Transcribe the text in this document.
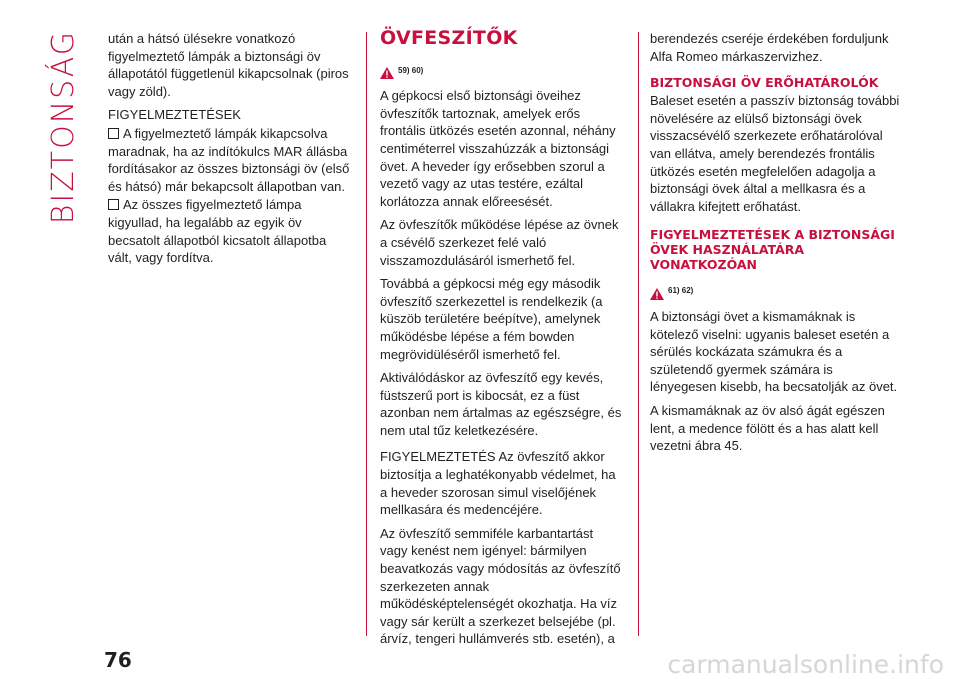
BIZTONSÁG után a hátsó ülésekre vonatkozó figyelmeztető lámpák a biztonsági öv állapotától függetlenül kikapcsolnak (piros vagy zöld).

FIGYELMEZTETÉSEK

A figyelmeztető lámpák kikapcsolva maradnak, ha az indítókulcs MAR állásba fordításakor az összes biztonsági öv (első és hátsó) már bekapcsolt állapotban van.

Az összes figyelmeztető lámpa kigyullad, ha legalább az egyik öv becsatolt állapotból kicsatolt állapotba vált, vagy fordítva.

ÖVFESZÍTŐK
59) 60)

A gépkocsi első biztonsági öveihez övfeszítők tartoznak, amelyek erős frontális ütközés esetén azonnal, néhány centiméterrel visszahúzzák a biztonsági övet. A heveder így erősebben szorul a vezető vagy az utas testére, ezáltal korlátozza annak előreesését.

Az övfeszítők működése lépése az övnek a csévélő szerkezet felé való visszamozdulásáról ismerhető fel.

Továbbá a gépkocsi még egy második övfeszítő szerkezettel is rendelkezik (a küszöb területére beépítve), amelynek működésbe lépése a fém bowden megrövidüléséről ismerhető fel.

Aktiválódáskor az övfeszítő egy kevés, füstszerű port is kibocsát, ez a füst azonban nem ártalmas az egészségre, és nem utal tűz keletkezésére.

FIGYELMEZTETÉS Az övfeszítő akkor biztosítja a leghatékonyabb védelmet, ha a heveder szorosan simul viselőjének mellkasára és medencéjére.

Az övfeszítő semmiféle karbantartást vagy kenést nem igényel: bármilyen beavatkozás vagy módosítás az övfeszítő szerkezeten annak működésképtelenségét okozhatja. Ha víz vagy sár került a szerkezet belsejébe (pl. árvíz, tengeri hullámverés stb. esetén), a

berendezés cseréje érdekében forduljunk Alfa Romeo márkaszervizhez.

BIZTONSÁGI ÖV ERŐHATÁROLÓK

Baleset esetén a passzív biztonság további növelésére az elülső biztonsági övek visszacsévélő szerkezete erőhatárolóval van ellátva, amely berendezés frontális ütközés esetén megfelelően adagolja a biztonsági övek által a mellkasra és a vállakra kifejtett erőhatást.

FIGYELMEZTETÉSEK A BIZTONSÁGI ÖVEK HASZNÁLATÁRA VONATKOZÓAN
61) 62)

A biztonsági övet a kismamáknak is kötelező viselni: ugyanis baleset esetén a sérülés kockázata számukra és a születendő gyermek számára is lényegesen kisebb, ha becsatolják az övet.

A kismamáknak az öv alsó ágát egészen lent, a medence fölött és a has alatt kell vezetni ábra 45.

76	carmanualsonline.info
